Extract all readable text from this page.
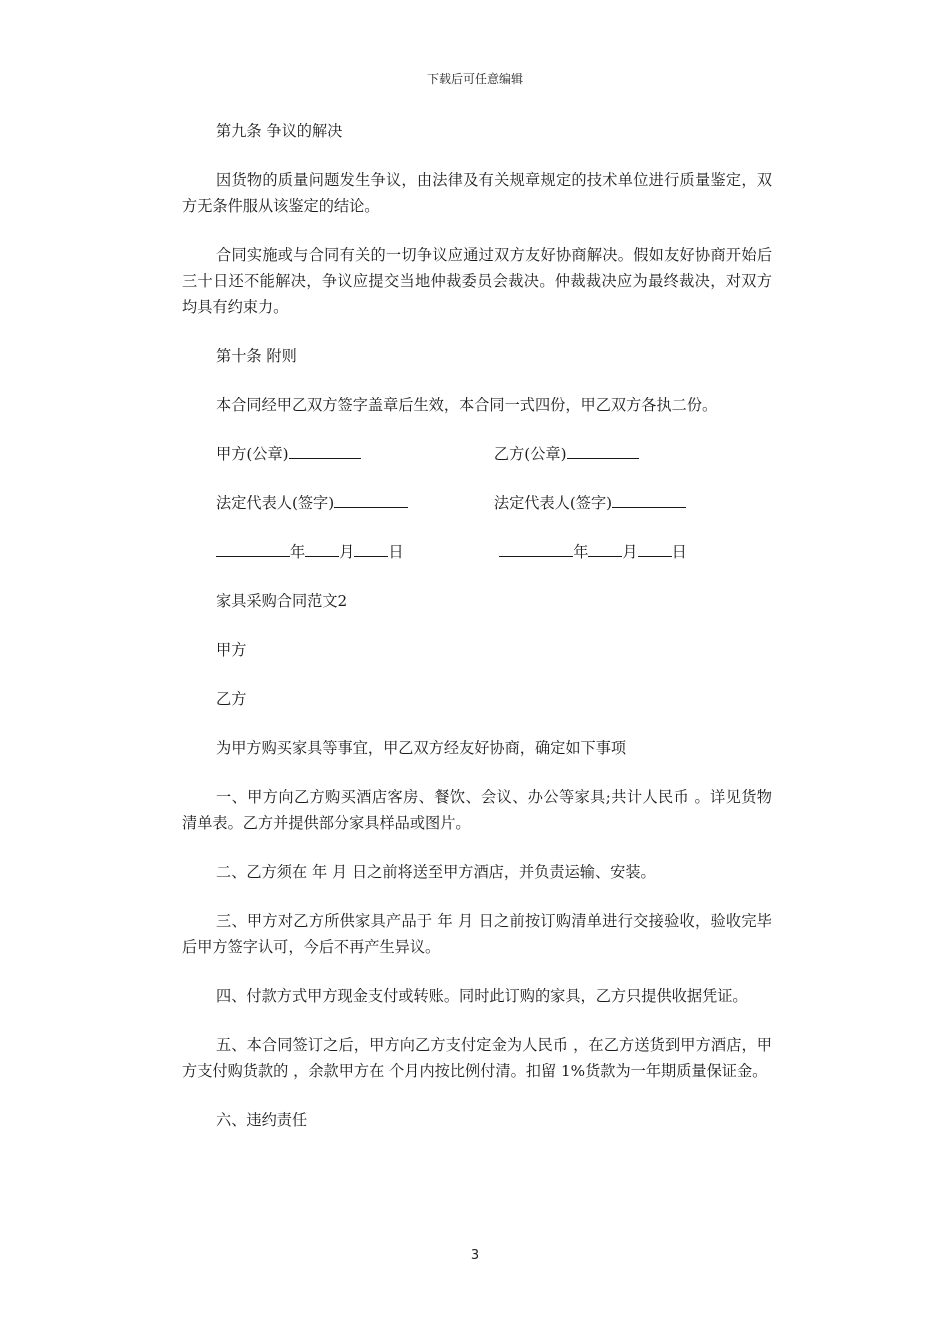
下载后可任意编辑

第九条 争议的解决

因货物的质量问题发生争议，由法律及有关规章规定的技术单位进行质量鉴定，双方无条件服从该鉴定的结论。

合同实施或与合同有关的一切争议应通过双方友好协商解决。假如友好协商开始后三十日还不能解决，争议应提交当地仲裁委员会裁决。仲裁裁决应为最终裁决，对双方均具有约束力。

第十条 附则

本合同经甲乙双方签字盖章后生效，本合同一式四份，甲乙双方各执二份。

甲方(公章)	乙方(公章)
法定代表人(签字)	法定代表人(签字)
年 月 日	年 月 日

家具采购合同范文2

甲方

乙方

为甲方购买家具等事宜，甲乙双方经友好协商，确定如下事项

一、甲方向乙方购买酒店客房、餐饮、会议、办公等家具;共计人民币 。详见货物清单表。乙方并提供部分家具样品或图片。

二、乙方须在 年 月 日之前将送至甲方酒店，并负责运输、安装。

三、甲方对乙方所供家具产品于 年 月 日之前按订购清单进行交接验收，验收完毕后甲方签字认可，今后不再产生异议。

四、付款方式甲方现金支付或转账。同时此订购的家具，乙方只提供收据凭证。

五、本合同签订之后，甲方向乙方支付定金为人民币 ，在乙方送货到甲方酒店，甲方支付购货款的 ，余款甲方在 个月内按比例付清。扣留 1%货款为一年期质量保证金。

六、违约责任

3
